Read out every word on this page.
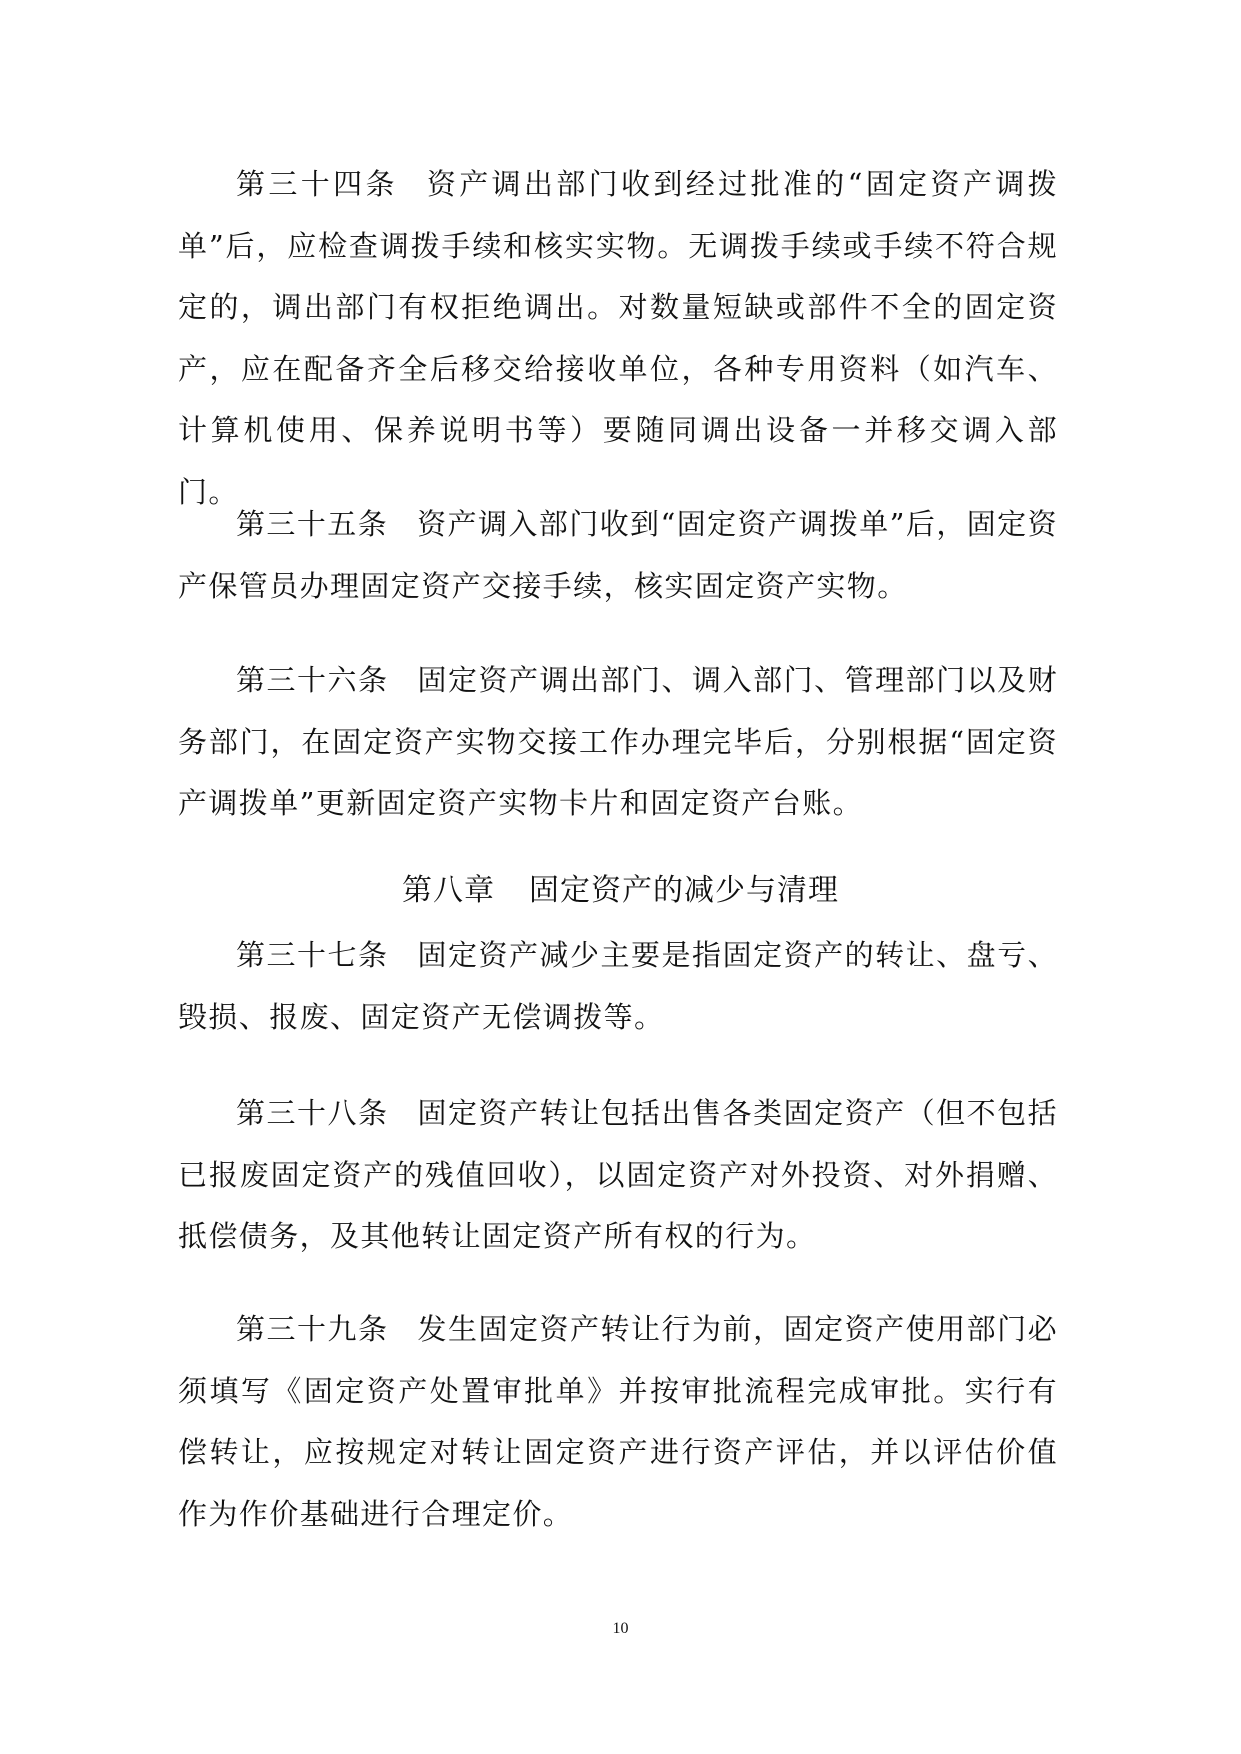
第三十四条 资产调出部门收到经过批准的“固定资产调拨单”后，应检查调拨手续和核实实物。无调拨手续或手续不符合规定的，调出部门有权拒绝调出。对数量短缺或部件不全的固定资产，应在配备齐全后移交给接收单位，各种专用资料（如汽车、计算机使用、保养说明书等）要随同调出设备一并移交调入部门。

第三十五条 资产调入部门收到“固定资产调拨单”后，固定资产保管员办理固定资产交接手续，核实固定资产实物。

第三十六条 固定资产调出部门、调入部门、管理部门以及财务部门，在固定资产实物交接工作办理完毕后，分别根据“固定资产调拨单”更新固定资产实物卡片和固定资产台账。

第八章 固定资产的减少与清理

第三十七条 固定资产减少主要是指固定资产的转让、盘亏、毁损、报废、固定资产无偿调拨等。

第三十八条 固定资产转让包括出售各类固定资产（但不包括已报废固定资产的残值回收），以固定资产对外投资、对外捐赠、抵偿债务，及其他转让固定资产所有权的行为。

第三十九条 发生固定资产转让行为前，固定资产使用部门必须填写《固定资产处置审批单》并按审批流程完成审批。实行有偿转让，应按规定对转让固定资产进行资产评估，并以评估价值作为作价基础进行合理定价。

10
